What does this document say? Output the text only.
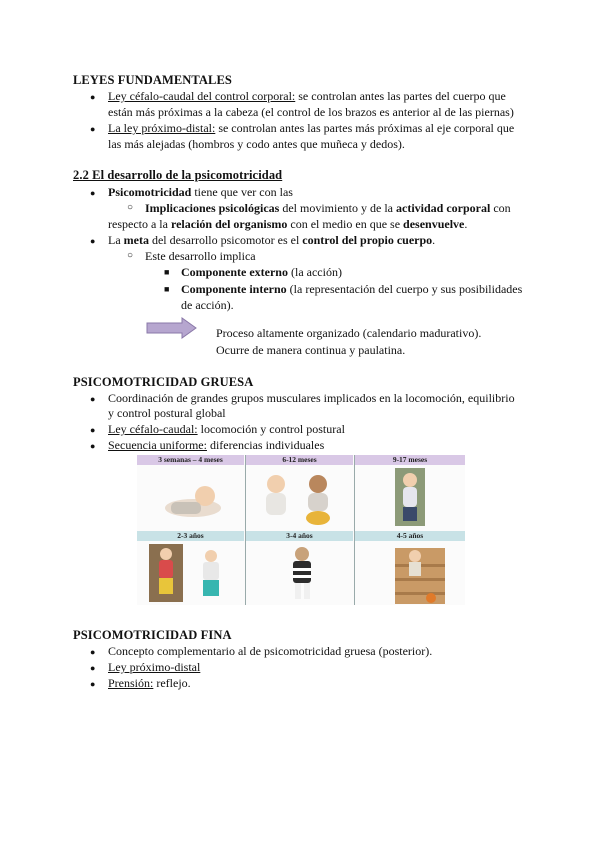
LEYES FUNDAMENTALES
● Ley céfalo-caudal del control corporal: se controlan antes las partes del cuerpo que
están más próximas a la cabeza (el control de los brazos es anterior al de las piernas)
● La ley próximo-distal: se controlan antes las partes más próximas al eje corporal que
las más alejadas (hombros y codo antes que muñeca y dedos).
2.2 El desarrollo de la psicomotricidad
● Psicomotricidad tiene que ver con las
○ Implicaciones psicológicas del movimiento y de la actividad corporal con
respecto a la relación del organismo con el medio en que se desenvuelve.
● La meta del desarrollo psicomotor es el control del propio cuerpo.
○ Este desarrollo implica
■ Componente externo (la acción)
■ Componente interno (la representación del cuerpo y sus posibilidades
de acción).
Proceso altamente organizado (calendario madurativo).
Ocurre de manera continua y paulatina.
PSICOMOTRICIDAD GRUESA
● Coordinación de grandes grupos musculares implicados en la locomoción, equilibrio
y control postural global
● Ley céfalo-caudal: locomoción y control postural
● Secuencia uniforme: diferencias individuales
3 semanas – 4 meses	6-12 meses	9-17 meses
2-3 años	3-4 años	4-5 años
PSICOMOTRICIDAD FINA
● Concepto complementario al de psicomotricidad gruesa (posterior).
● Ley próximo-distal
● Prensión: reflejo.
